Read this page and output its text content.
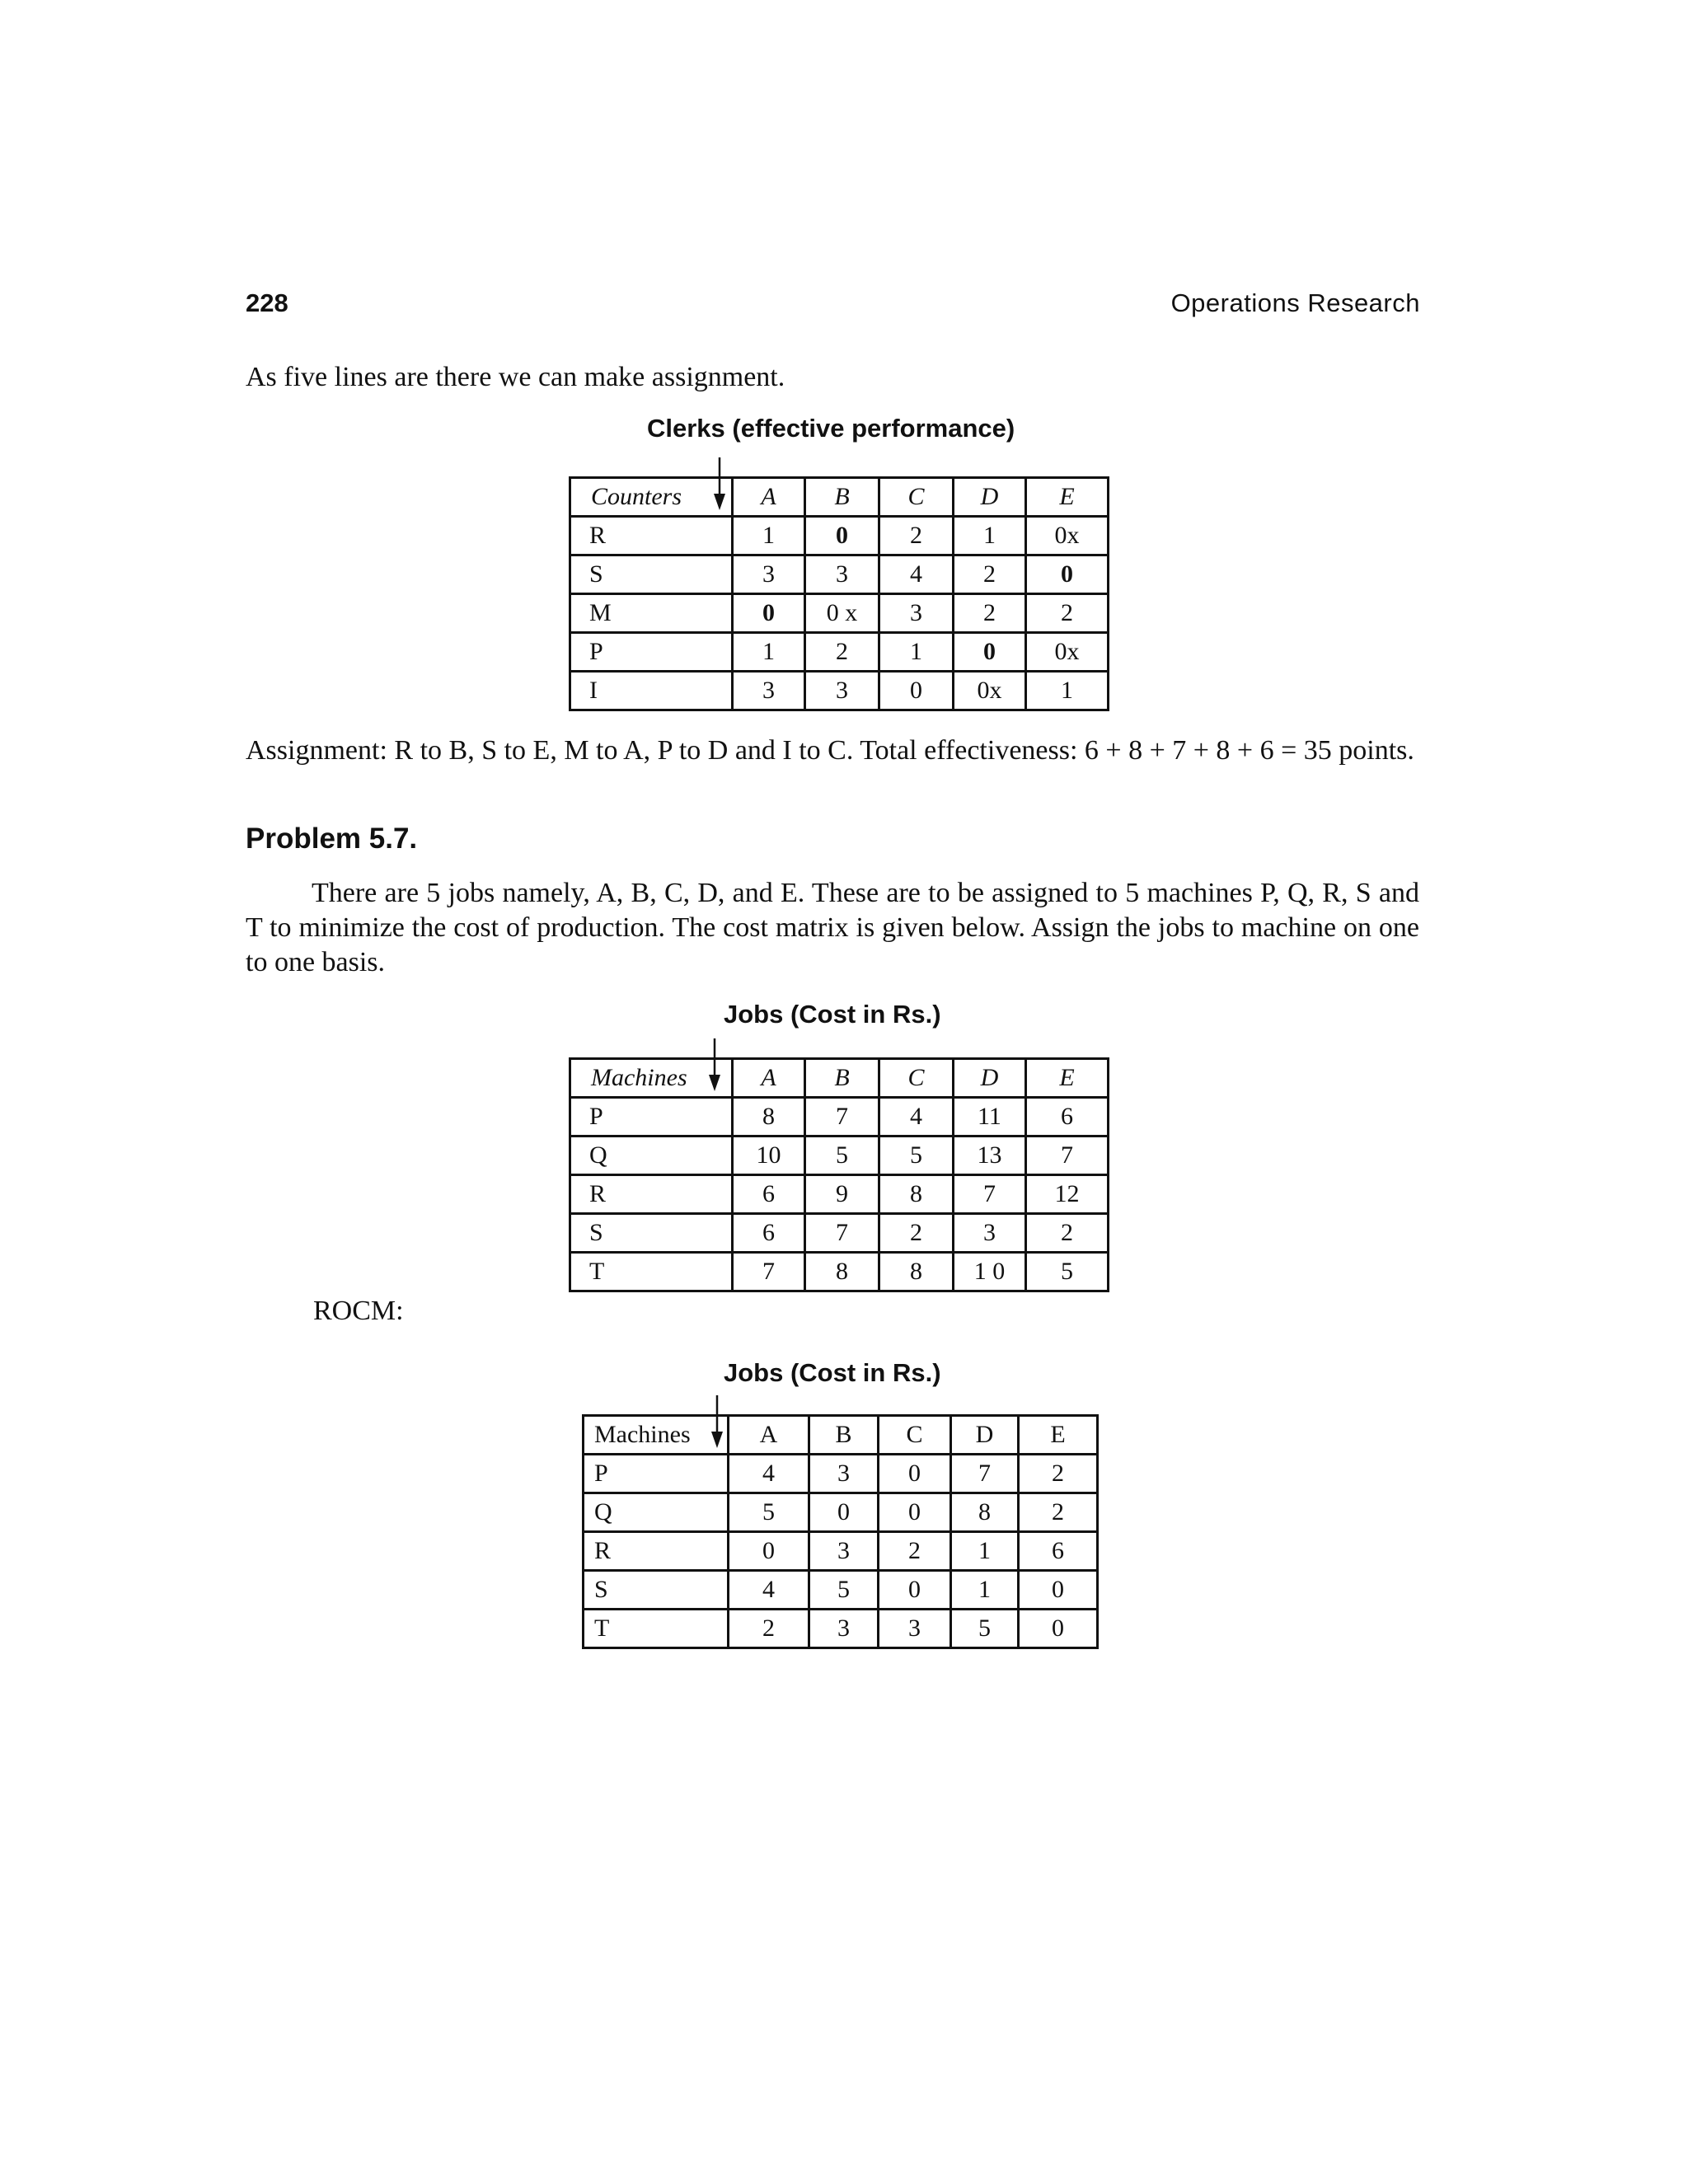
228	Operations Research
As five lines are there we can make assignment.
Clerks (effective performance)
Counters	A	B	C	D	E
R	1	0	2	1	0x
S	3	3	4	2	0
M	0	0 x	3	2	2
P	1	2	1	0	0x
I	3	3	0	0x	1
Assignment: R to B, S to E, M to A, P to D and I to C. Total effectiveness: 6 + 8 + 7 + 8 + 6 = 35 points.
Problem 5.7.
There are 5 jobs namely, A, B, C, D, and E. These are to be assigned to 5 machines P, Q, R, S and T to minimize the cost of production. The cost matrix is given below. Assign the jobs to machine on one to one basis.
Jobs (Cost in Rs.)
Machines	A	B	C	D	E
P	8	7	4	11	6
Q	10	5	5	13	7
R	6	9	8	7	12
S	6	7	2	3	2
T	7	8	8	1 0	5
ROCM:
Jobs (Cost in Rs.)
Machines	A	B	C	D	E
P	4	3	0	7	2
Q	5	0	0	8	2
R	0	3	2	1	6
S	4	5	0	1	0
T	2	3	3	5	0
